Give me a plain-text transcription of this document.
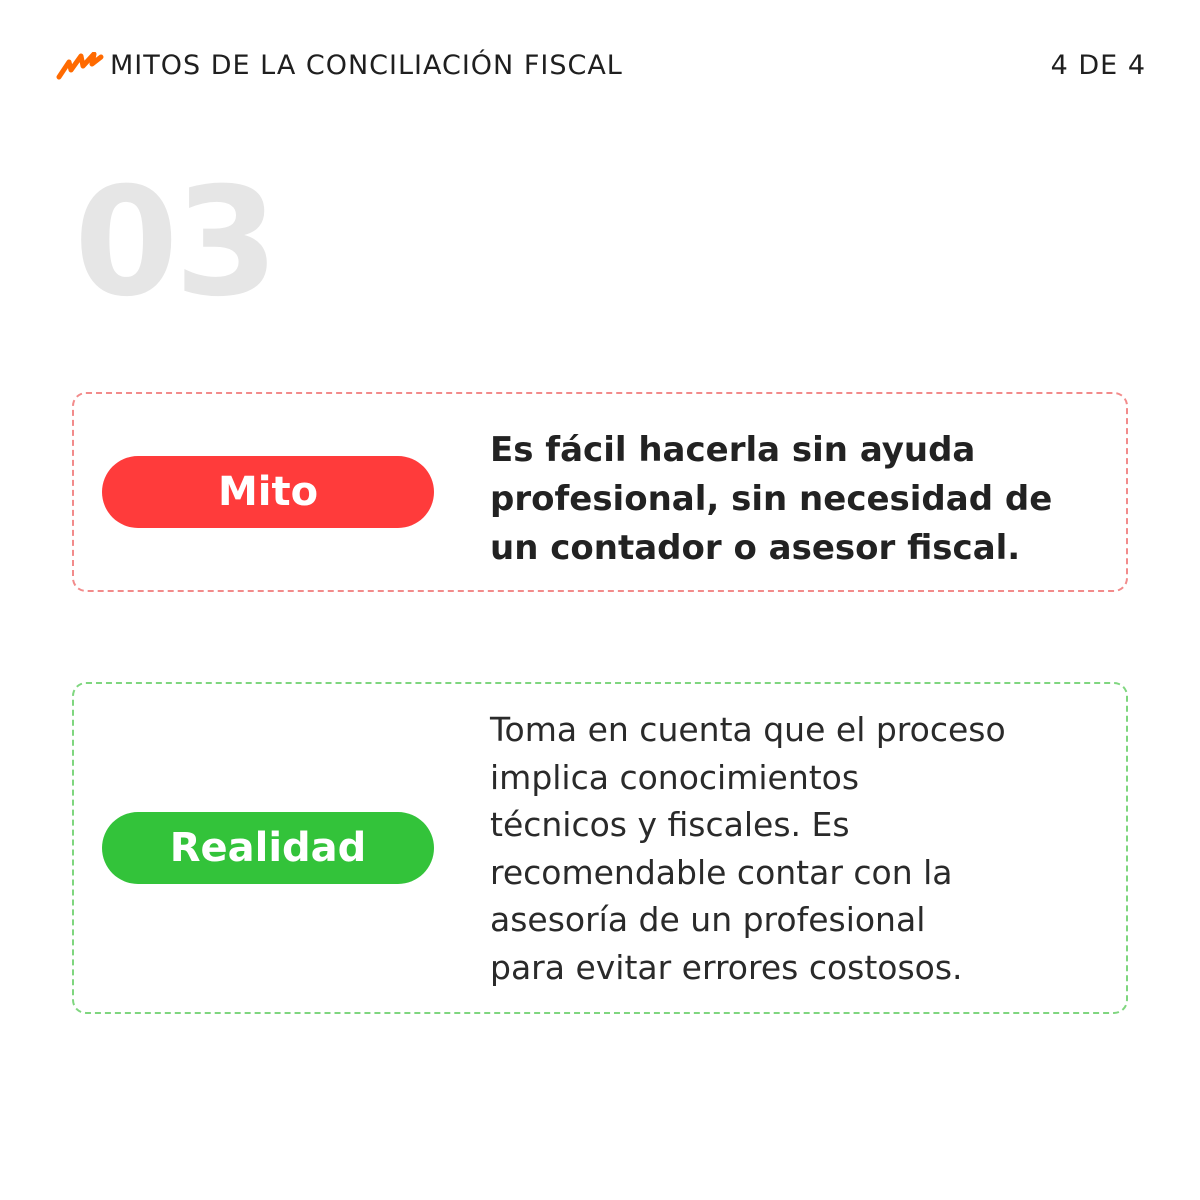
MITOS DE LA CONCILIACIÓN FISCAL	4 DE 4
03
Mito
Es fácil hacerla sin ayuda
profesional, sin necesidad de
un contador o asesor fiscal.
Realidad
Toma en cuenta que el proceso
implica conocimientos
técnicos y fiscales. Es
recomendable contar con la
asesoría de un profesional
para evitar errores costosos.
